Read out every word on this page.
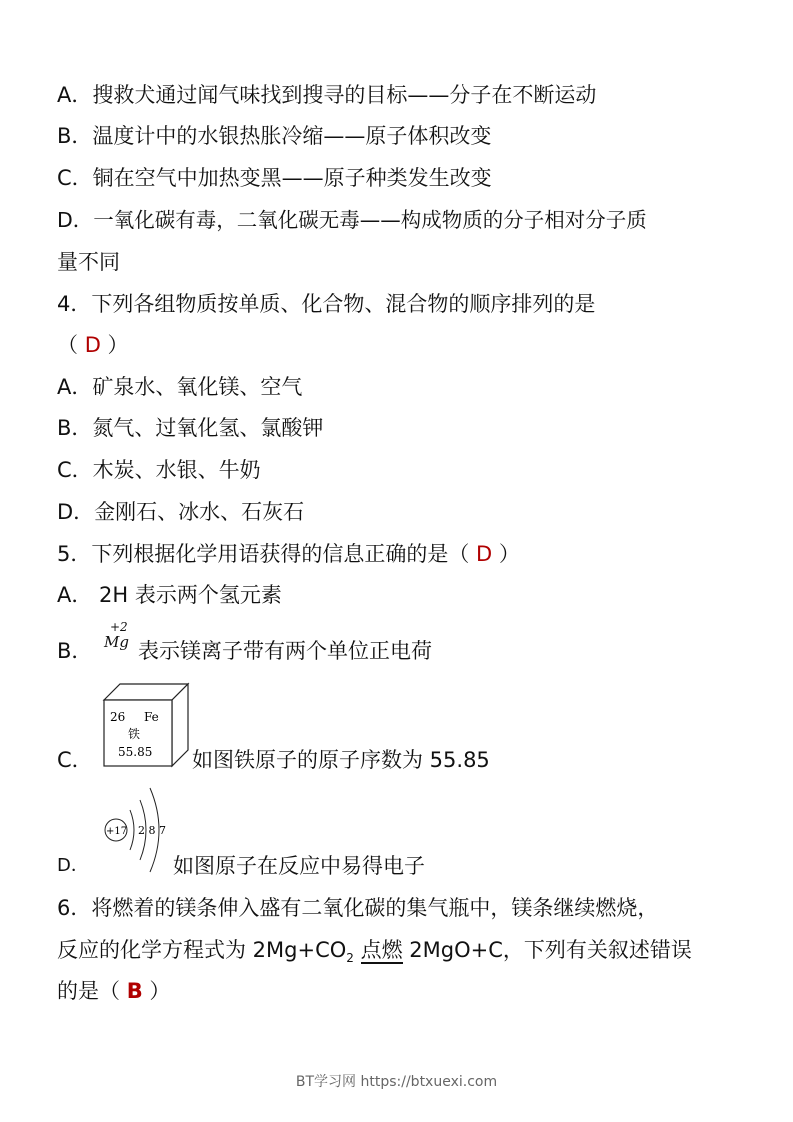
A．搜救犬通过闻气味找到搜寻的目标——分子在不断运动
B．温度计中的水银热胀冷缩——原子体积改变
C．铜在空气中加热变黑——原子种类发生改变
D．一氧化碳有毒，二氧化碳无毒——构成物质的分子相对分子质
量不同
4．下列各组物质按单质、化合物、混合物的顺序排列的是
（ D ）
A．矿泉水、氧化镁、空气
B．氮气、过氧化氢、氯酸钾
C．木炭、水银、牛奶
D．金刚石、冰水、石灰石
5．下列根据化学用语获得的信息正确的是（ D ）
A． 2H 表示两个氢元素
B．
+2
Mg 表示镁离子带有两个单位正电荷
C．
26 Fe
铁
55.85 如图铁原子的原子序数为 55.85
D．
+17 2 8 7
如图原子在反应中易得电子
6．将燃着的镁条伸入盛有二氧化碳的集气瓶中，镁条继续燃烧，
反应的化学方程式为 $2Mg+CO_2$ 点燃 2MgO+C，下列有关叙述错误
的是（ B ）
BT学习网 https://btxuexi.com
